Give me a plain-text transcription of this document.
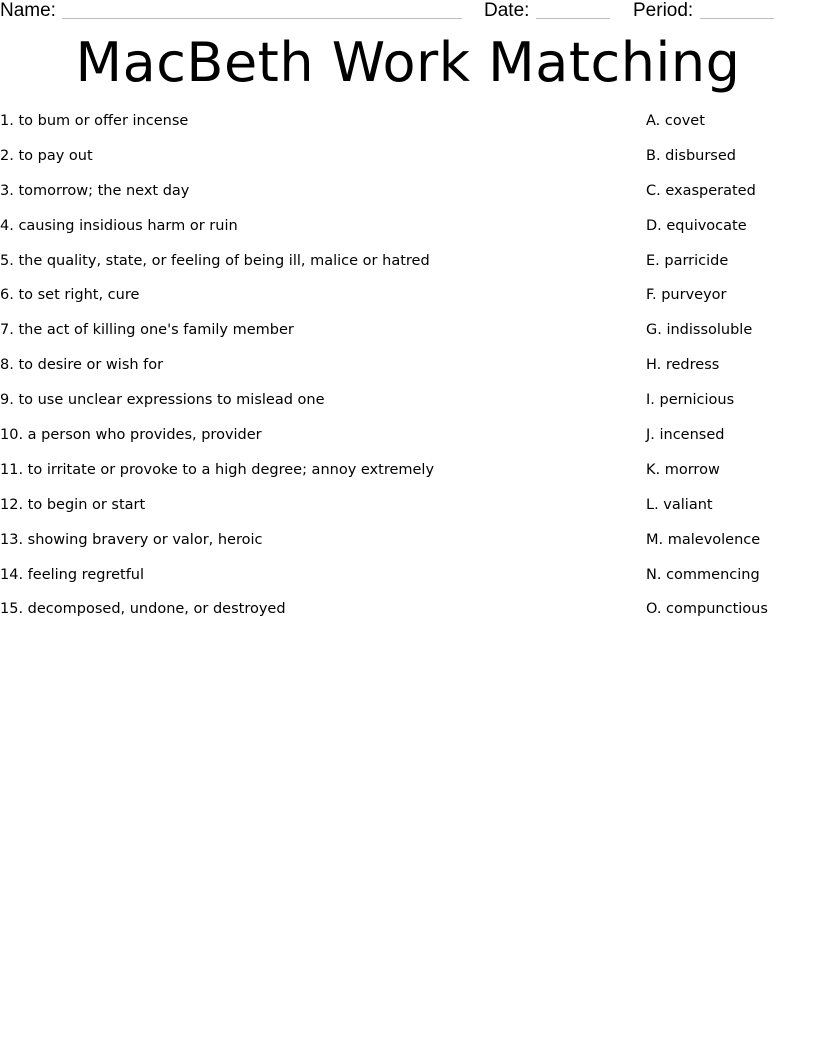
Name:	Date:	Period:
MacBeth Work Matching
1. to bum or offer incense	A. covet
2. to pay out	B. disbursed
3. tomorrow; the next day	C. exasperated
4. causing insidious harm or ruin	D. equivocate
5. the quality, state, or feeling of being ill, malice or hatred	E. parricide
6. to set right, cure	F. purveyor
7. the act of killing one's family member	G. indissoluble
8. to desire or wish for	H. redress
9. to use unclear expressions to mislead one	I. pernicious
10. a person who provides, provider	J. incensed
11. to irritate or provoke to a high degree; annoy extremely	K. morrow
12. to begin or start	L. valiant
13. showing bravery or valor, heroic	M. malevolence
14. feeling regretful	N. commencing
15. decomposed, undone, or destroyed	O. compunctious
